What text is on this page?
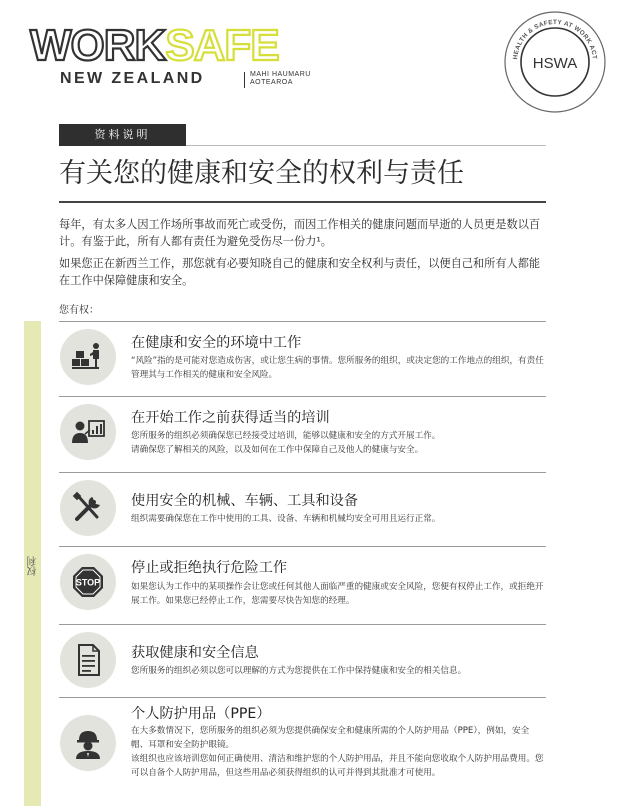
WORKSAFE
NEW ZEALAND	MAHI HAUMARU
AOTEAROA
HEALTH & SAFETY AT WORK ACT
HSWA
资料说明
有关您的健康和安全的权利与责任
每年，有太多人因工作场所事故而死亡或受伤，而因工作相关的健康问题而早逝的人员更是数以百计。有鉴于此，所有人都有责任为避免受伤尽一份力¹。
如果您正在新西兰工作，那您就有必要知晓自己的健康和安全权利与责任，以便自己和所有人都能在工作中保障健康和安全。
您有权：
权利
在健康和安全的环境中工作
“风险”指的是可能对您造成伤害，或让您生病的事情。您所服务的组织，或决定您的工作地点的组织，有责任管理其与工作相关的健康和安全风险。
在开始工作之前获得适当的培训
您所服务的组织必须确保您已经接受过培训，能够以健康和安全的方式开展工作。
请确保您了解相关的风险，以及如何在工作中保障自己及他人的健康与安全。
使用安全的机械、车辆、工具和设备
组织需要确保您在工作中使用的工具、设备、车辆和机械均安全可用且运行正常。
STOP
停止或拒绝执行危险工作
如果您认为工作中的某项操作会让您或任何其他人面临严重的健康或安全风险，您便有权停止工作，或拒绝开展工作。如果您已经停止工作，您需要尽快告知您的经理。
获取健康和安全信息
您所服务的组织必须以您可以理解的方式为您提供在工作中保持健康和安全的相关信息。
个人防护用品（PPE）
在大多数情况下，您所服务的组织必须为您提供确保安全和健康所需的个人防护用品（PPE），例如，安全帽、耳罩和安全防护眼镜。
该组织也应该培训您如何正确使用、清洁和维护您的个人防护用品，并且不能向您收取个人防护用品费用。您可以自备个人防护用品，但这些用品必须获得组织的认可并得到其批准才可使用。
